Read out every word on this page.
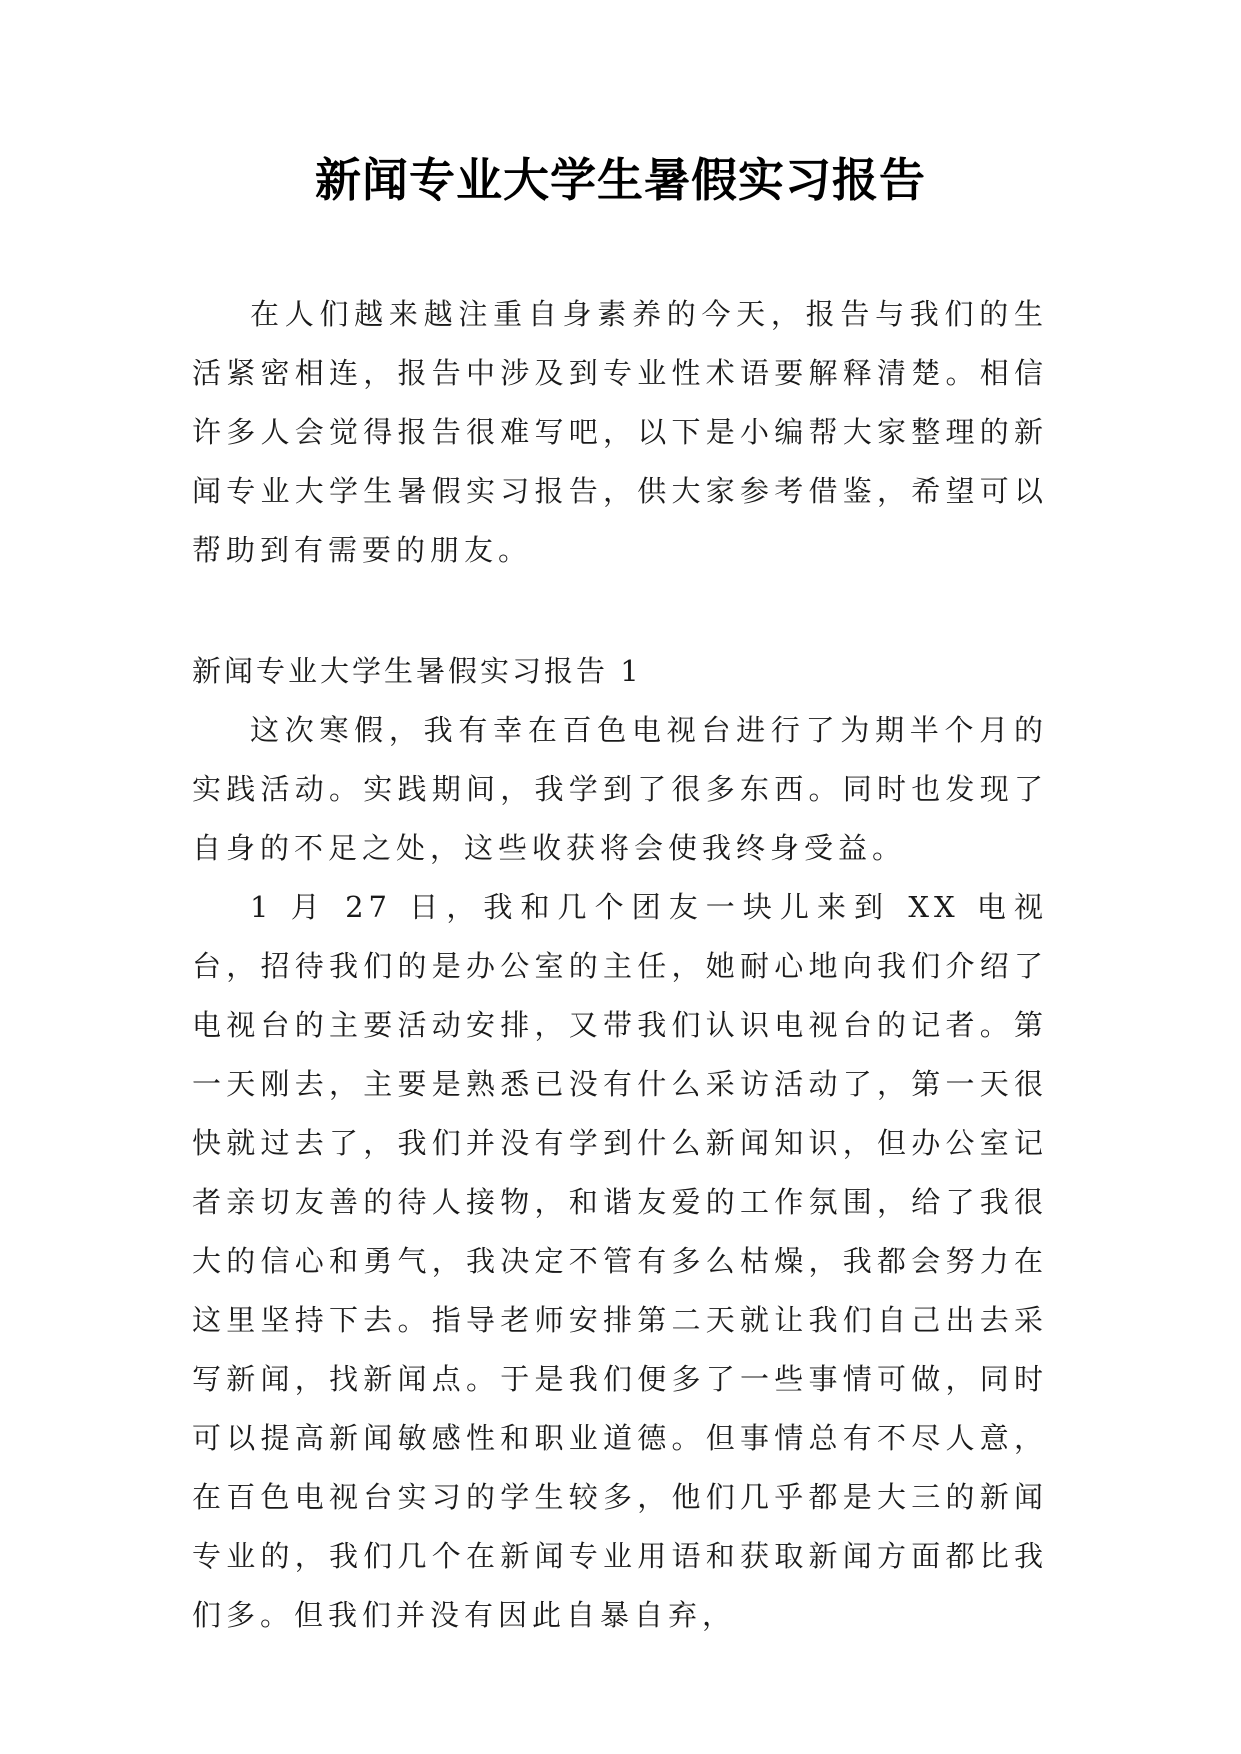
新闻专业大学生暑假实习报告

在人们越来越注重自身素养的今天，报告与我们的生活紧密相连，报告中涉及到专业性术语要解释清楚。相信许多人会觉得报告很难写吧，以下是小编帮大家整理的新闻专业大学生暑假实习报告，供大家参考借鉴，希望可以帮助到有需要的朋友。

新闻专业大学生暑假实习报告 1

这次寒假，我有幸在百色电视台进行了为期半个月的实践活动。实践期间，我学到了很多东西。同时也发现了自身的不足之处，这些收获将会使我终身受益。

1 月 27 日，我和几个团友一块儿来到 XX 电视台，招待我们的是办公室的主任，她耐心地向我们介绍了电视台的主要活动安排，又带我们认识电视台的记者。第一天刚去，主要是熟悉已没有什么采访活动了，第一天很快就过去了，我们并没有学到什么新闻知识，但办公室记者亲切友善的待人接物，和谐友爱的工作氛围，给了我很大的信心和勇气，我决定不管有多么枯燥，我都会努力在这里坚持下去。指导老师安排第二天就让我们自己出去采写新闻，找新闻点。于是我们便多了一些事情可做，同时可以提高新闻敏感性和职业道德。但事情总有不尽人意，在百色电视台实习的学生较多，他们几乎都是大三的新闻专业的，我们几个在新闻专业用语和获取新闻方面都比我们多。但我们并没有因此自暴自弃，
